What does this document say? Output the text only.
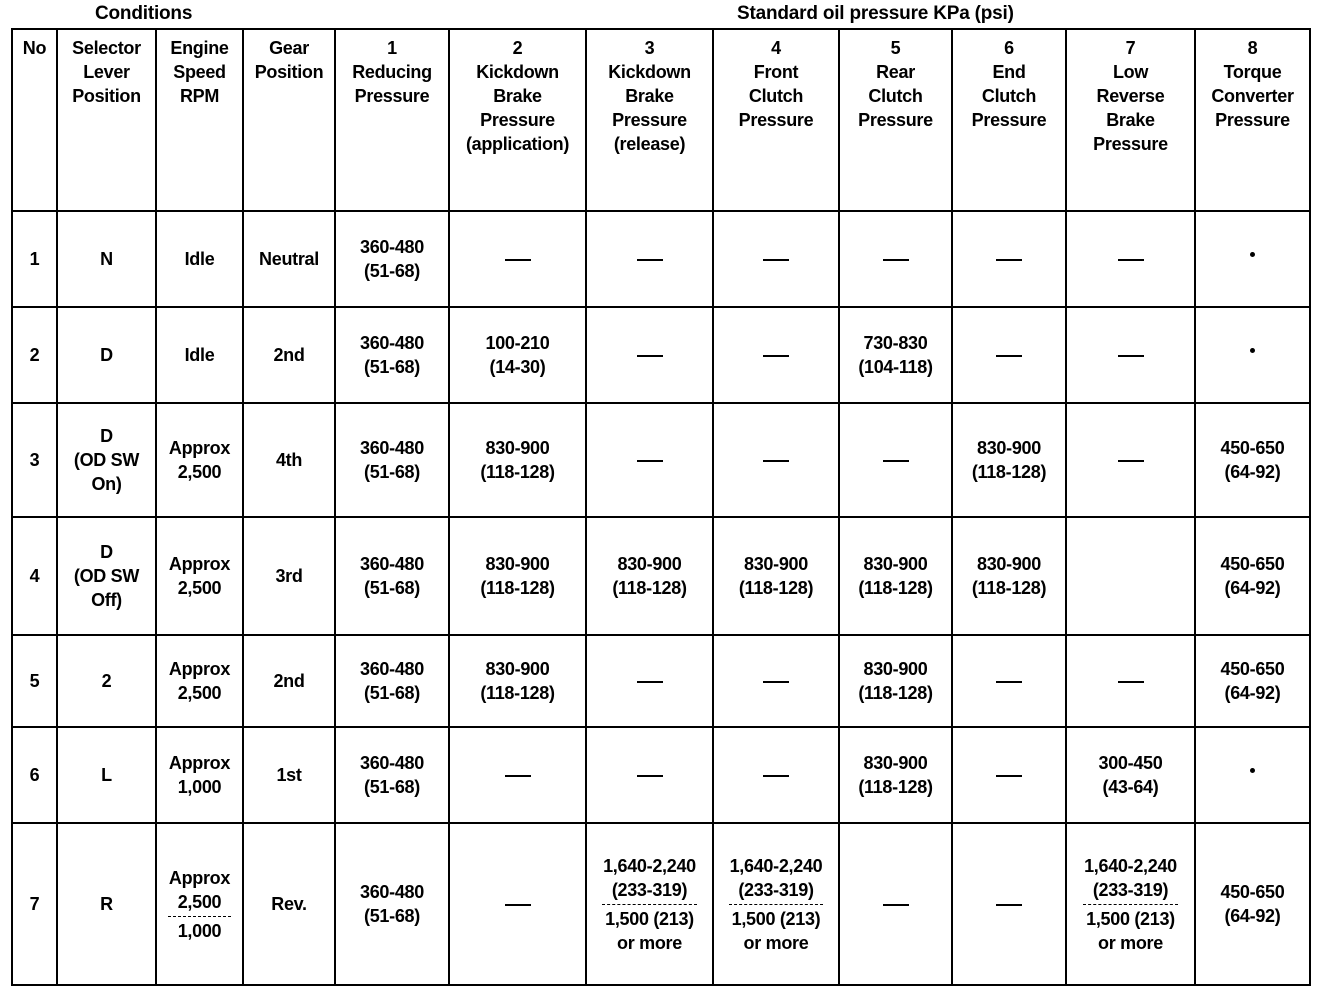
Conditions	Standard oil pressure KPa (psi)
No	Selector
Lever
Position	Engine
Speed
RPM	Gear
Position	1
Reducing
Pressure	2
Kickdown
Brake
Pressure
(application)	3
Kickdown
Brake
Pressure
(release)	4
Front
Clutch
Pressure	5
Rear
Clutch
Pressure	6
End
Clutch
Pressure	7
Low
Reverse
Brake
Pressure	8
Torque
Converter
Pressure

1	N	Idle	Neutral	360-480
(51-68)							

2	D	Idle	2nd	360-480
(51-68)	100-210
(14-30)			730-830
(104-118)			

3	D
(OD SW
On)	Approx
2,500	4th	360-480
(51-68)	830-900
(118-128)				830-900
(118-128)		450-650
(64-92)

4	D
(OD SW
Off)	Approx
2,500	3rd	360-480
(51-68)	830-900
(118-128)	830-900
(118-128)	830-900
(118-128)	830-900
(118-128)	830-900
(118-128)		450-650
(64-92)

5	2	Approx
2,500	2nd	360-480
(51-68)	830-900
(118-128)			830-900
(118-128)			450-650
(64-92)

6	L	Approx
1,000	1st	360-480
(51-68)				830-900
(118-128)		300-450
(43-64)	

7	R	Approx
2,500
1,000	Rev.	360-480
(51-68)		1,640-2,240
(233-319)
1,500 (213)
or more	1,640-2,240
(233-319)
1,500 (213)
or more			1,640-2,240
(233-319)
1,500 (213)
or more	450-650
(64-92)
